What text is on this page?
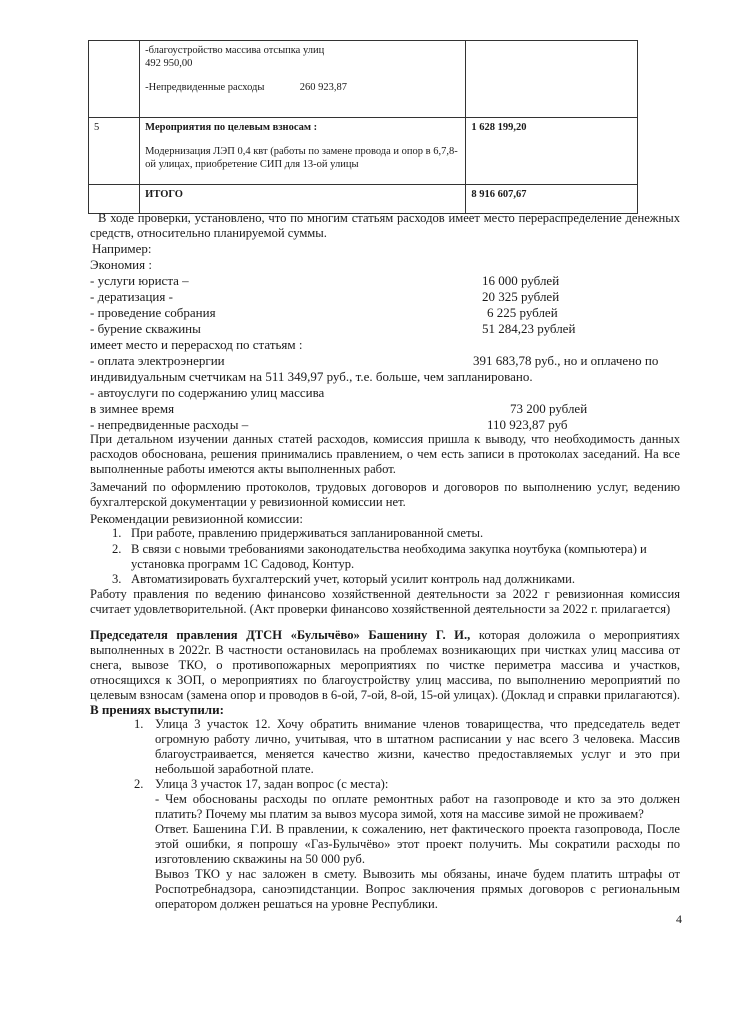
	-благоустройство массива отсыпка улиц
492 950,00
-Непредвиденные расходы 260 923,87	

5	Мероприятия по целевым взносам :
Модернизация ЛЭП 0,4 квт (работы по замене провода и опор в 6,7,8-ой улицах, приобретение СИП для 13-ой улицы	1 628 199,20
	ИТОГО	8 916 607,67
В ходе проверки, установлено, что по многим статьям расходов имеет место перераспределение денежных средств, относительно планируемой суммы.
Например:
Экономия :
- услуги юриста –	16 000 рублей
- дератизация -	20 325 рублей
- проведение собрания	6 225 рублей
- бурение скважины	51 284,23 рублей
имеет место и перерасход по статьям :
- оплата электроэнергии	391 683,78 руб., но и оплачено по
индивидуальным счетчикам на 511 349,97 руб., т.е. больше, чем запланировано.
- автоуслуги по содержанию улиц массива
в зимнее время	73 200 рублей
- непредвиденные расходы –	110 923,87 руб
При детальном изучении данных статей расходов, комиссия пришла к выводу, что необходимость данных расходов обоснована, решения принимались правлением, о чем есть записи в протоколах заседаний. На все выполненные работы имеются акты выполненных работ.
Замечаний по оформлению протоколов, трудовых договоров и договоров по выполнению услуг, ведению бухгалтерской документации у ревизионной комиссии нет.
Рекомендации ревизионной комиссии:
1. При работе, правлению придерживаться запланированной сметы.
2. В связи с новыми требованиями законодательства необходима закупка ноутбука (компьютера) и установка программ 1С Садовод, Контур.
3. Автоматизировать бухгалтерский учет, который усилит контроль над должниками.
Работу правления по ведению финансово хозяйственной деятельности за 2022 г ревизионная комиссия считает удовлетворительной. (Акт проверки финансово хозяйственной деятельности за 2022 г. прилагается)
Председателя правления ДТСН «Булычёво» Башенину Г. И., которая доложила о мероприятиях выполненных в 2022г. В частности остановилась на проблемах возникающих при чистках улиц массива от снега, вывозе ТКО, о противопожарных мероприятиях по чистке периметра массива и участков, относящихся к ЗОП, о мероприятиях по благоустройству улиц массива, по выполнению мероприятий по целевым взносам (замена опор и проводов в 6-ой, 7-ой, 8-ой, 15-ой улицах). (Доклад и справки прилагаются).
В прениях выступили:
1. Улица 3 участок 12. Хочу обратить внимание членов товарищества, что председатель ведет огромную работу лично, учитывая, что в штатном расписании у нас всего 3 человека. Массив благоустраивается, меняется качество жизни, качество предоставляемых услуг и это при небольшой заработной плате.
2. Улица 3 участок 17, задан вопрос (с места):
- Чем обоснованы расходы по оплате ремонтных работ на газопроводе и кто за это должен платить? Почему мы платим за вывоз мусора зимой, хотя на массиве зимой не проживаем?
Ответ. Башенина Г.И. В правлении, к сожалению, нет фактического проекта газопровода, После этой ошибки, я попрошу «Газ-Булычёво» этот проект получить. Мы сократили расходы по изготовлению скважины на 50 000 руб.
Вывоз ТКО у нас заложен в смету. Вывозить мы обязаны, иначе будем платить штрафы от Роспотребнадзора, саноэпидстанции. Вопрос заключения прямых договоров с региональным оператором должен решаться на уровне Республики.
4
